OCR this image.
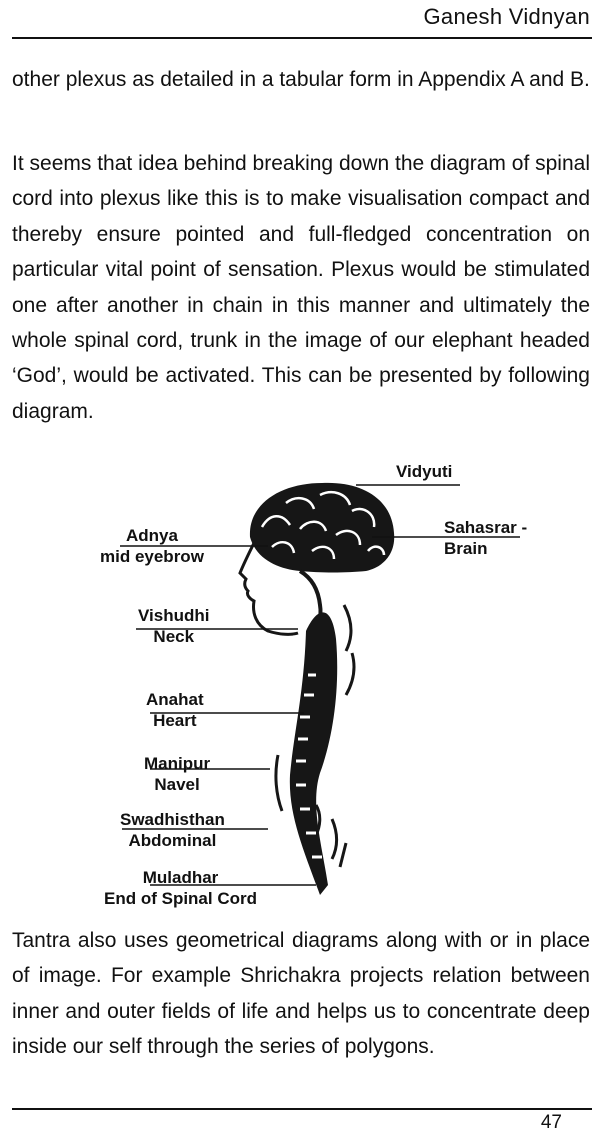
Ganesh Vidnyan

other plexus as detailed in a tabular form in Appendix A and B.

It seems that idea behind breaking down the diagram of spinal cord into plexus like this is to make visualisation compact and thereby ensure pointed and full-fledged concentration on particular vital point of sensation. Plexus would be stimulated one after another in chain in this manner and ultimately the whole spinal cord, trunk in the image of our elephant headed ‘God’, would be activated. This can be presented by following diagram.

Vidyuti
Sahasrar -
Brain
Adnya
mid eyebrow
Vishudhi
Neck
Anahat
Heart
Manipur
Navel
Swadhisthan
Abdominal
Muladhar
End of Spinal Cord

Tantra also uses geometrical diagrams along with or in place of image. For example Shrichakra projects relation between inner and outer fields of life and helps us to concentrate deep inside our self through the series of polygons.

47
